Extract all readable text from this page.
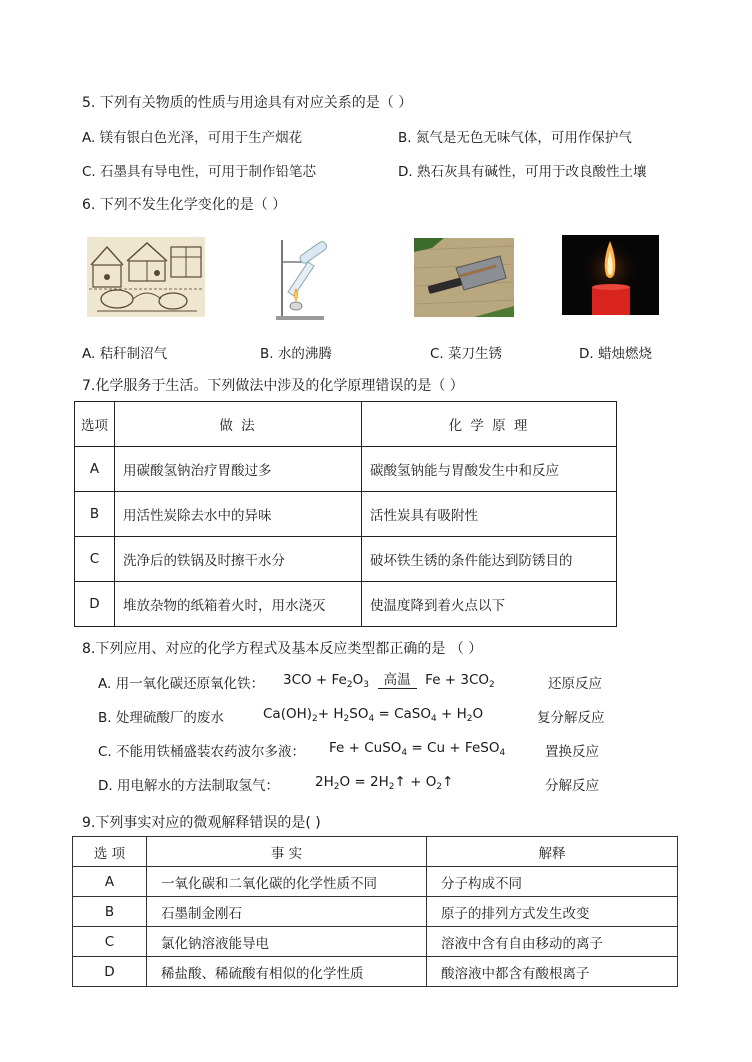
5. 下列有关物质的性质与用途具有对应关系的是（ ）
A. 镁有银白色光泽，可用于生产烟花	B. 氮气是无色无味气体，可用作保护气
C. 石墨具有导电性，可用于制作铅笔芯	D. 熟石灰具有碱性，可用于改良酸性土壤
6. 下列不发生化学变化的是（ ）
A. 秸秆制沼气	B. 水的沸腾	C. 菜刀生锈	D. 蜡烛燃烧
7.化学服务于生活。下列做法中涉及的化学原理错误的是（ ）
选项	做 法	化 学 原 理
A	用碳酸氢钠治疗胃酸过多	碳酸氢钠能与胃酸发生中和反应
B	用活性炭除去水中的异味	活性炭具有吸附性
C	洗净后的铁锅及时擦干水分	破坏铁生锈的条件能达到防锈目的
D	堆放杂物的纸箱着火时，用水浇灭	使温度降到着火点以下
8.下列应用、对应的化学方程式及基本反应类型都正确的是 （ ）
A. 用一氧化碳还原氧化铁： $3CO + Fe_2O_3$ 高温  $Fe + 3CO_2$	还原反应
B. 处理硫酸厂的废水	$Ca(OH)_2+ H_2SO_4$ = CaSO$_4$ + $H_2O$	复分解反应
C. 不能用铁桶盛装农药波尔多液： Fe + CuSO$_4$ = Cu + FeSO$_4$	置换反应
D. 用电解水的方法制取氢气：	$2H_2O$ = $2H_2↑$ + $O_2↑$	分解反应
9.下列事实对应的微观解释错误的是( )
选 项	事 实	解释
A	一氧化碳和二氧化碳的化学性质不同	分子构成不同
B	石墨制金刚石	原子的排列方式发生改变
C	氯化钠溶液能导电	溶液中含有自由移动的离子
D	稀盐酸、稀硫酸有相似的化学性质	酸溶液中都含有酸根离子
